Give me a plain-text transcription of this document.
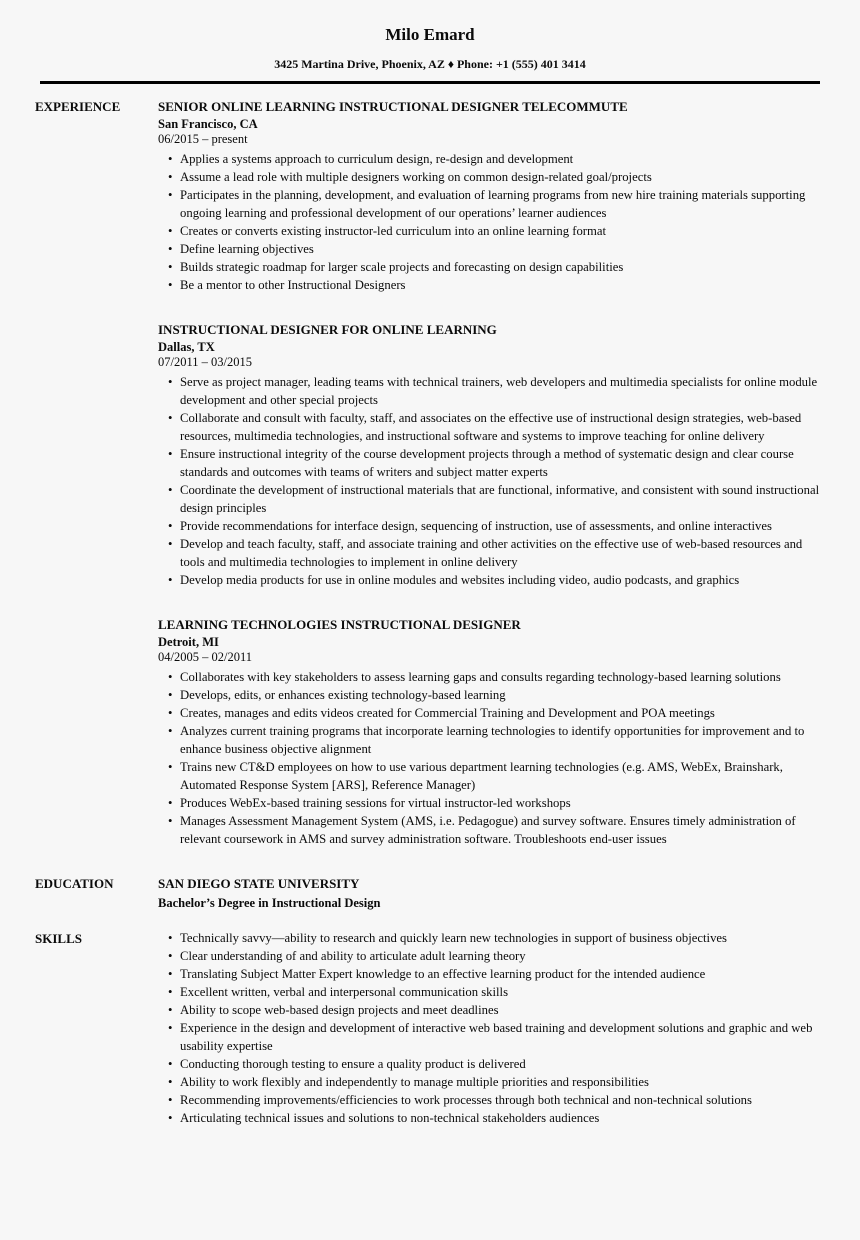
Milo Emard
3425 Martina Drive, Phoenix, AZ ♦ Phone: +1 (555) 401 3414
EXPERIENCE	SENIOR ONLINE LEARNING INSTRUCTIONAL DESIGNER TELECOMMUTE
San Francisco, CA
06/2015 – present
• Applies a systems approach to curriculum design, re-design and development
• Assume a lead role with multiple designers working on common design-related goal/projects
• Participates in the planning, development, and evaluation of learning programs from new hire training materials supporting ongoing learning and professional development of our operations’ learner audiences
• Creates or converts existing instructor-led curriculum into an online learning format
• Define learning objectives
• Builds strategic roadmap for larger scale projects and forecasting on design capabilities
• Be a mentor to other Instructional Designers
INSTRUCTIONAL DESIGNER FOR ONLINE LEARNING
Dallas, TX
07/2011 – 03/2015
• Serve as project manager, leading teams with technical trainers, web developers and multimedia specialists for online module development and other special projects
• Collaborate and consult with faculty, staff, and associates on the effective use of instructional design strategies, web-based resources, multimedia technologies, and instructional software and systems to improve teaching for online delivery
• Ensure instructional integrity of the course development projects through a method of systematic design and clear course standards and outcomes with teams of writers and subject matter experts
• Coordinate the development of instructional materials that are functional, informative, and consistent with sound instructional design principles
• Provide recommendations for interface design, sequencing of instruction, use of assessments, and online interactives
• Develop and teach faculty, staff, and associate training and other activities on the effective use of web-based resources and tools and multimedia technologies to implement in online delivery
• Develop media products for use in online modules and websites including video, audio podcasts, and graphics
LEARNING TECHNOLOGIES INSTRUCTIONAL DESIGNER
Detroit, MI
04/2005 – 02/2011
• Collaborates with key stakeholders to assess learning gaps and consults regarding technology-based learning solutions
• Develops, edits, or enhances existing technology-based learning
• Creates, manages and edits videos created for Commercial Training and Development and POA meetings
• Analyzes current training programs that incorporate learning technologies to identify opportunities for improvement and to enhance business objective alignment
• Trains new CT&D employees on how to use various department learning technologies (e.g. AMS, WebEx, Brainshark, Automated Response System [ARS], Reference Manager)
• Produces WebEx-based training sessions for virtual instructor-led workshops
• Manages Assessment Management System (AMS, i.e. Pedagogue) and survey software. Ensures timely administration of relevant coursework in AMS and survey administration software. Troubleshoots end-user issues
EDUCATION	SAN DIEGO STATE UNIVERSITY
Bachelor’s Degree in Instructional Design
SKILLS	• Technically savvy—ability to research and quickly learn new technologies in support of business objectives
• Clear understanding of and ability to articulate adult learning theory
• Translating Subject Matter Expert knowledge to an effective learning product for the intended audience
• Excellent written, verbal and interpersonal communication skills
• Ability to scope web-based design projects and meet deadlines
• Experience in the design and development of interactive web based training and development solutions and graphic and web usability expertise
• Conducting thorough testing to ensure a quality product is delivered
• Ability to work flexibly and independently to manage multiple priorities and responsibilities
• Recommending improvements/efficiencies to work processes through both technical and non-technical solutions
• Articulating technical issues and solutions to non-technical stakeholders audiences
